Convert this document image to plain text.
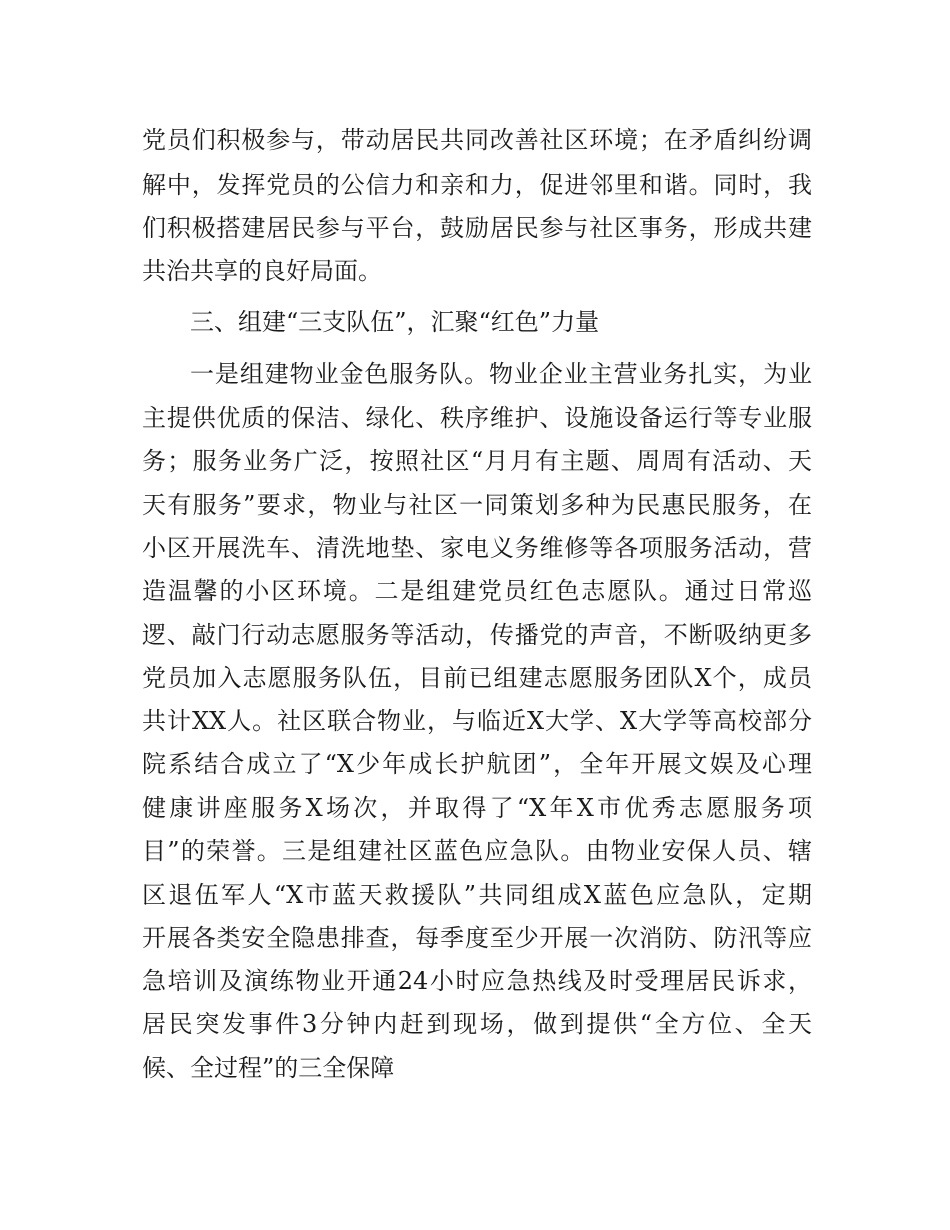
党员们积极参与，带动居民共同改善社区环境；在矛盾纠纷调
解中，发挥党员的公信力和亲和力，促进邻里和谐。同时，我
们积极搭建居民参与平台，鼓励居民参与社区事务，形成共建
共治共享的良好局面。
三、组建“三支队伍”，汇聚“红色”力量
一是组建物业金色服务队。物业企业主营业务扎实，为业
主提供优质的保洁、绿化、秩序维护、设施设备运行等专业服
务；服务业务广泛，按照社区“月月有主题、周周有活动、天
天有服务”要求，物业与社区一同策划多种为民惠民服务，在
小区开展洗车、清洗地垫、家电义务维修等各项服务活动，营
造温馨的小区环境。二是组建党员红色志愿队。通过日常巡
逻、敲门行动志愿服务等活动，传播党的声音，不断吸纳更多
党员加入志愿服务队伍，目前已组建志愿服务团队X个，成员
共计XX人。社区联合物业，与临近X大学、X大学等高校部分
院系结合成立了“X少年成长护航团”，全年开展文娱及心理
健康讲座服务X场次，并取得了“X年X市优秀志愿服务项
目”的荣誉。三是组建社区蓝色应急队。由物业安保人员、辖
区退伍军人“X市蓝天救援队”共同组成X蓝色应急队，定期
开展各类安全隐患排查，每季度至少开展一次消防、防汛等应
急培训及演练物业开通24小时应急热线及时受理居民诉求，
居民突发事件3分钟内赶到现场，做到提供“全方位、全天
候、全过程”的三全保障
